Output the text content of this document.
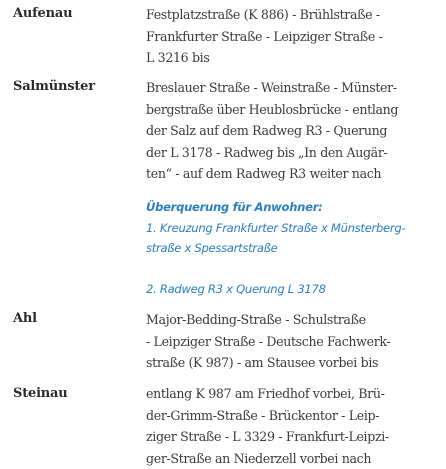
Aufenau	Festplatzstraße (K 886) - Brühlstraße -
Frankfurter Straße - Leipziger Straße -
L 3216 bis
Salmünster	Breslauer Straße - Weinstraße - Münster-
bergstraße über Heublosbrücke - entlang
der Salz auf dem Radweg R3 - Querung
der L 3178 - Radweg bis „In den Augär-
ten“ - auf dem Radweg R3 weiter nach
Überquerung für Anwohner:
1. Kreuzung Frankfurter Straße x Münsterberg-
straße x Spessartstraße
2. Radweg R3 x Querung L 3178
Ahl	Major-Bedding-Straße - Schulstraße
- Leipziger Straße - Deutsche Fachwerk-
straße (K 987) - am Stausee vorbei bis
Steinau	entlang K 987 am Friedhof vorbei, Brü-
der-Grimm-Straße - Brückentor - Leip-
ziger Straße - L 3329 - Frankfurt-Leipzi-
ger-Straße an Niederzell vorbei nach
